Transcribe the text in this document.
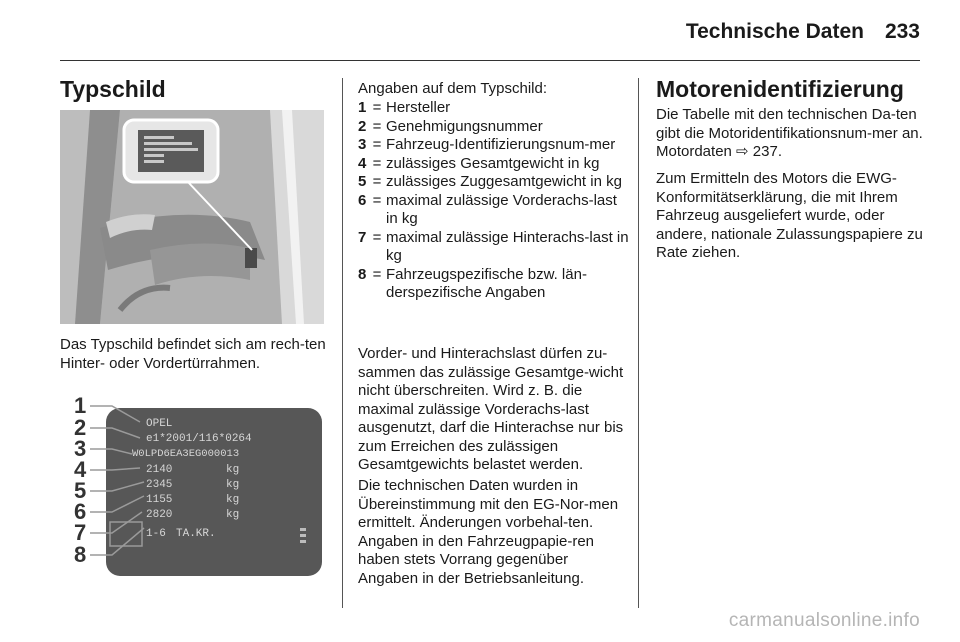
Technische Daten 233
Typschild
Das Typschild befindet sich am rech-ten Hinter- oder Vordertürrahmen.
1
2
3
4
5
6
7
8
OPEL
e1*2001/116*0264
W0LPD6EA3EG000013
2140
2345
1155
2820
1-6 TA.KR.
kg
kg
kg
kg
Angaben auf dem Typschild:
1 = Hersteller
2 = Genehmigungsnummer
3 = Fahrzeug-Identifizierungsnum-mer
4 = zulässiges Gesamtgewicht in kg
5 = zulässiges Zuggesamtgewicht in kg
6 = maximal zulässige Vorderachs-last in kg
7 = maximal zulässige Hinterachs-last in kg
8 = Fahrzeugspezifische bzw. län-derspezifische Angaben
Vorder- und Hinterachslast dürfen zu-sammen das zulässige Gesamtge-wicht nicht überschreiten. Wird z. B. die maximal zulässige Vorderachs-last ausgenutzt, darf die Hinterachse nur bis zum Erreichen des zulässigen Gesamtgewichts belastet werden.
Die technischen Daten wurden in Übereinstimmung mit den EG-Nor-men ermittelt. Änderungen vorbehal-ten. Angaben in den Fahrzeugpapie-ren haben stets Vorrang gegenüber Angaben in der Betriebsanleitung.
Motorenidentifizierung
Die Tabelle mit den technischen Da-ten gibt die Motoridentifikationsnum-mer an. Motordaten ⇨ 237.
Zum Ermitteln des Motors die EWG-Konformitätserklärung, die mit Ihrem Fahrzeug ausgeliefert wurde, oder andere, nationale Zulassungspapiere zu Rate ziehen.
carmanualsonline.info
